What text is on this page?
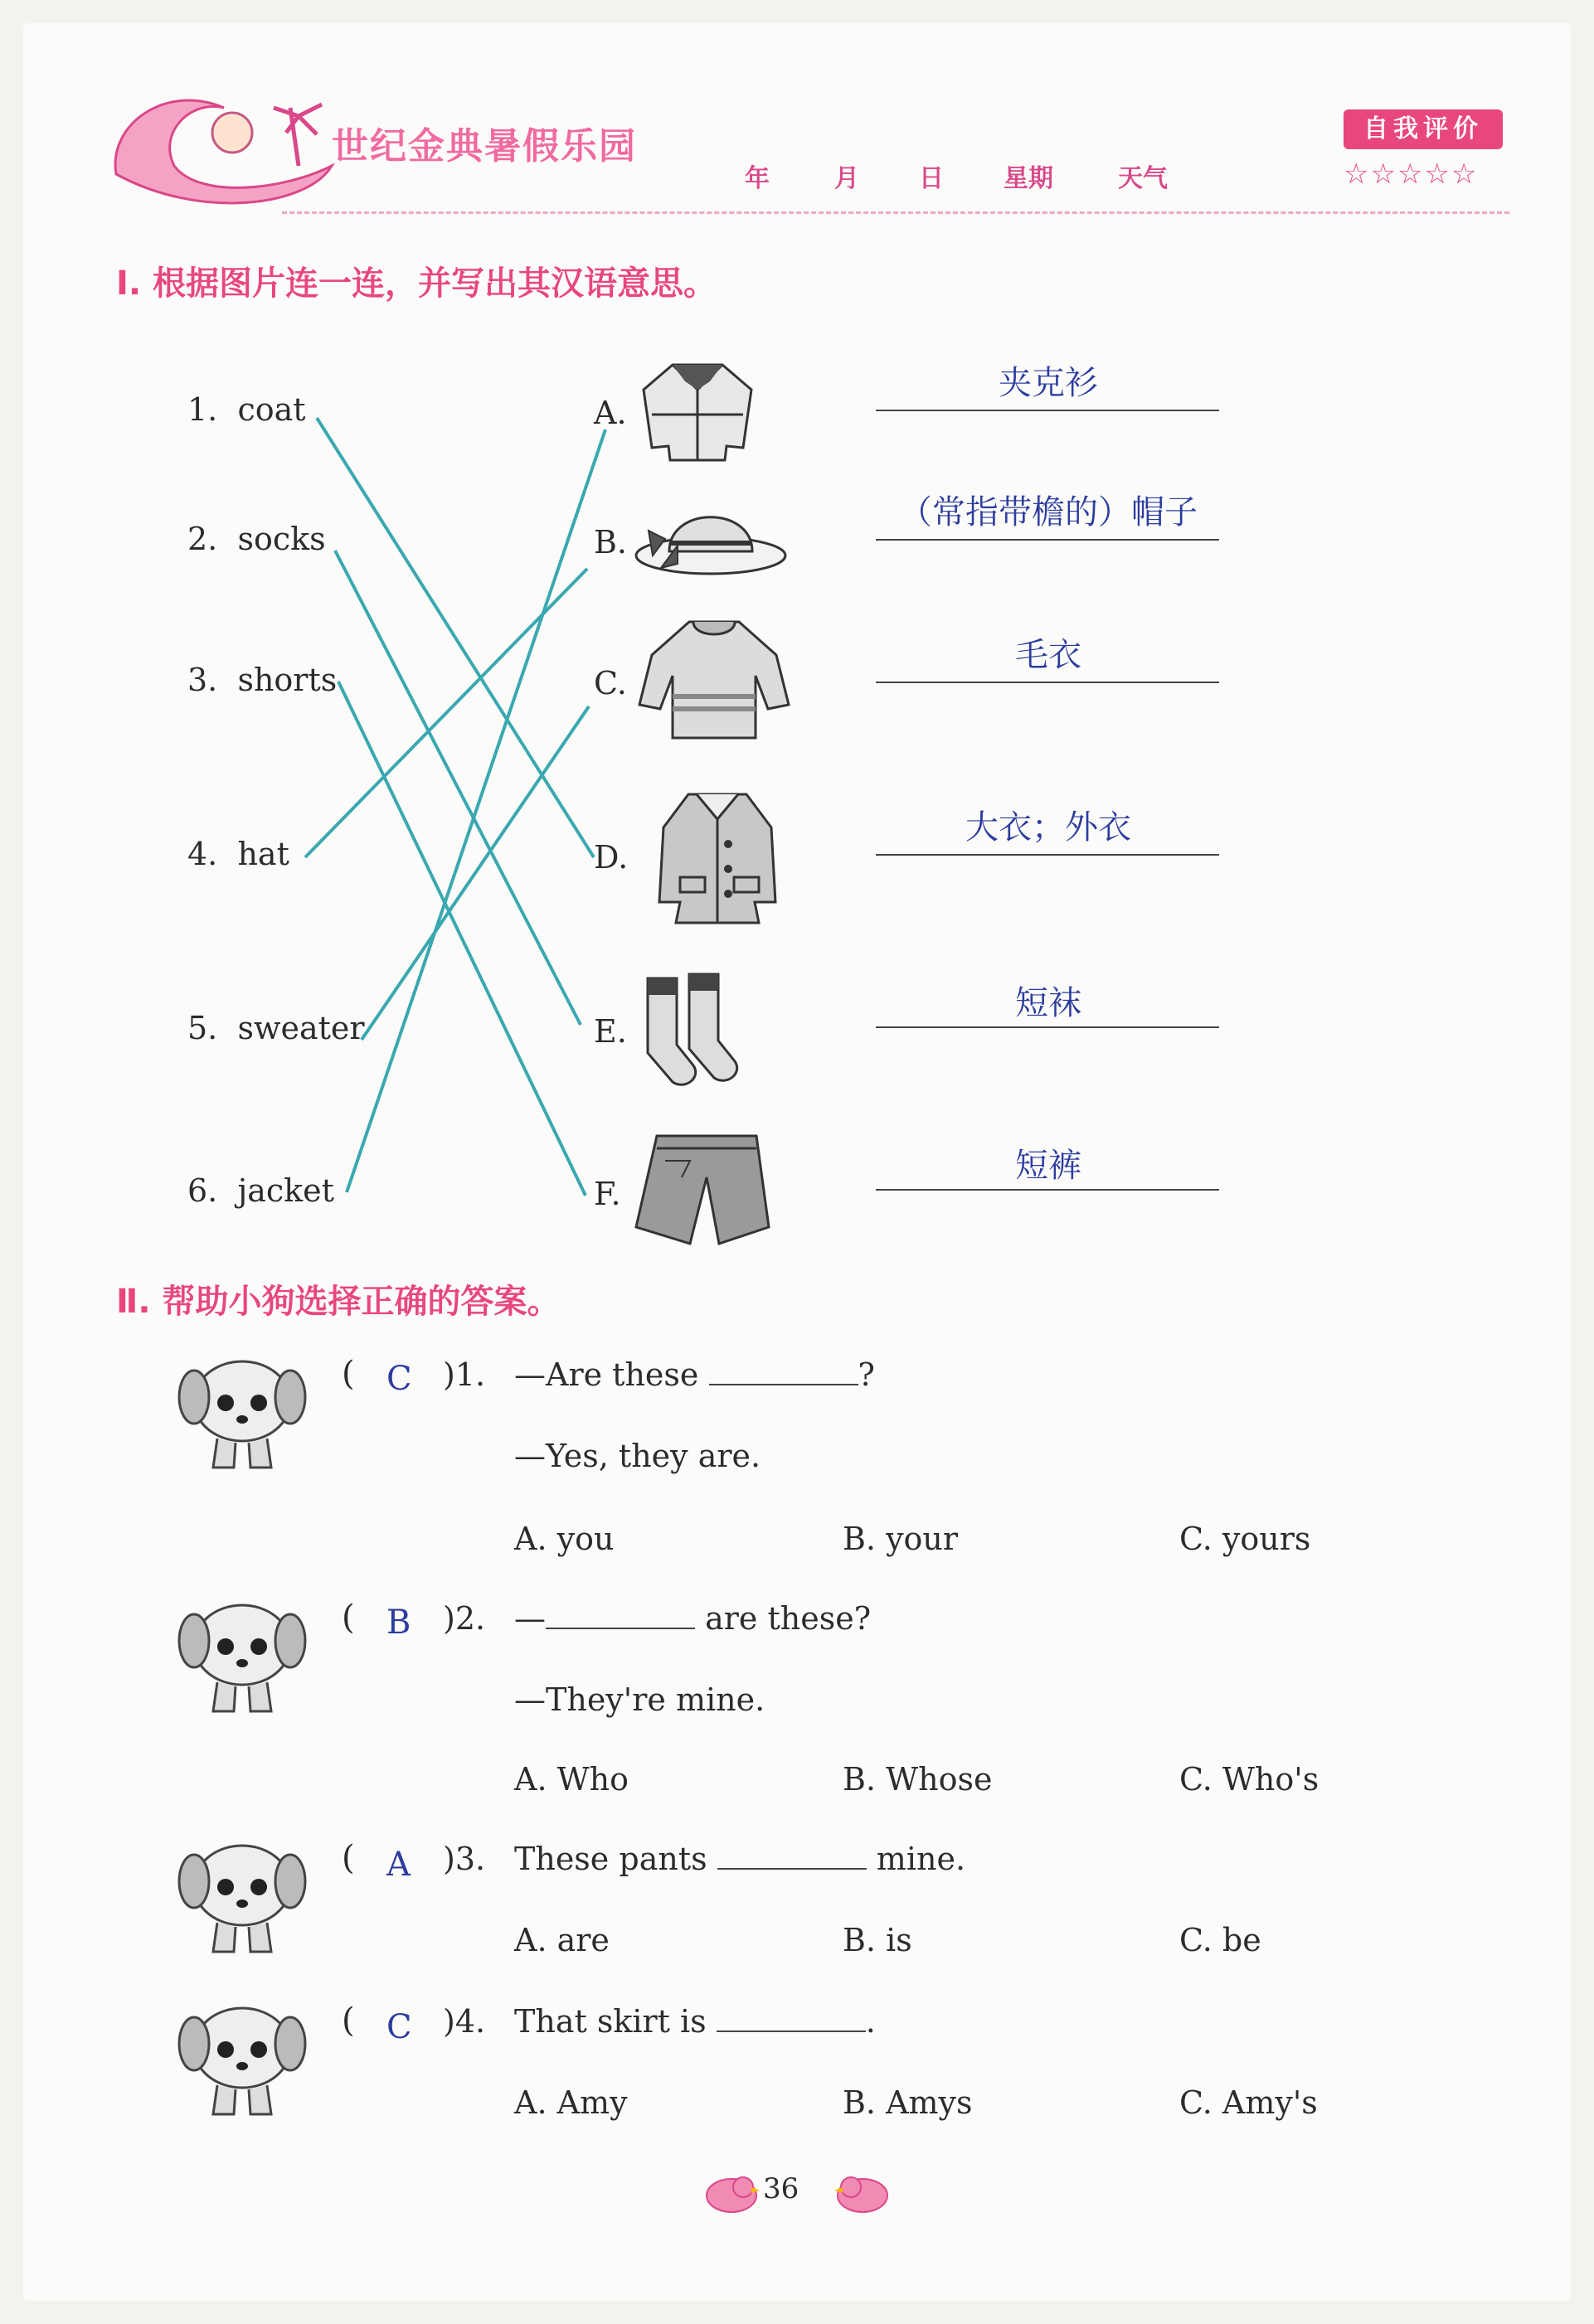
世纪金典暑假乐园
年	月 日 星期	天气
自我评价
☆☆☆☆☆
Ⅰ. 根据图片连一连，并写出其汉语意思。
1. coat
2. socks
3. shorts
4. hat
5. sweater
6. jacket
A.
B.
C.
D.
E.
F.
夹克衫
（常指带檐的）帽子
毛衣
大衣；外衣
短袜
短裤
Ⅱ. 帮助小狗选择正确的答案。
( C )1. —Are these	?
—Yes, they are.
A. you	B. your	C. yours
( B )2. —	are these?
—They're mine.
A. Who	B. Whose	C. Who's
( A )3. These pants	mine.
A. are	B. is	C. be
( C )4. That skirt is	.
A. Amy	B. Amys	C. Amy's
36
